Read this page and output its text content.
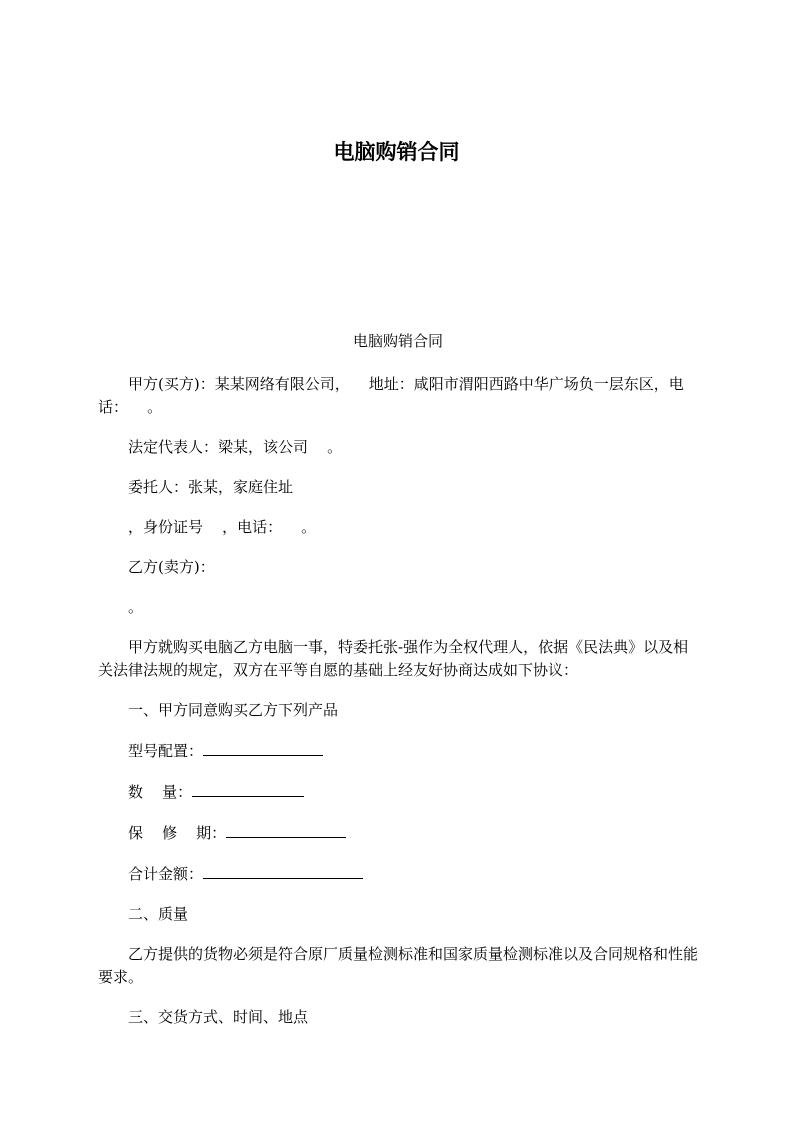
电脑购销合同

电脑购销合同

甲方(买方)：某某网络有限公司，    地址：咸阳市渭阳西路中华广场负一层东区，电话：    。

法定代表人：梁某，该公司    。

委托人：张某，家庭住址

，身份证号    ，电话：    。

乙方(卖方)：

。

甲方就购买电脑乙方电脑一事，特委托张-强作为全权代理人，依据《民法典》以及相关法律法规的规定，双方在平等自愿的基础上经友好协商达成如下协议：

一、甲方同意购买乙方下列产品

型号配置：

数    量：

保    修    期：

合计金额：

二、质量

乙方提供的货物必须是符合原厂质量检测标准和国家质量检测标准以及合同规格和性能要求。

三、交货方式、时间、地点
